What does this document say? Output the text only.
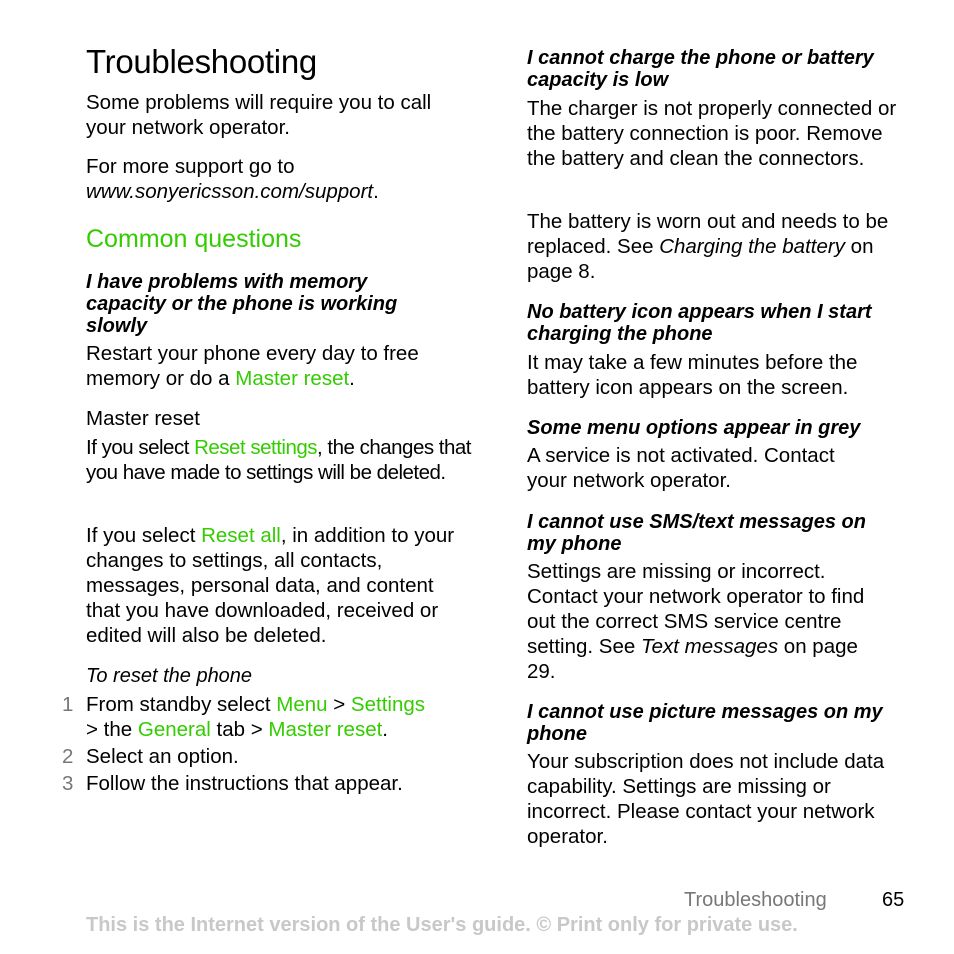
Troubleshooting

Some problems will require you to call your network operator.

For more support go to
www.sonyericsson.com/support.

Common questions

I have problems with memory capacity or the phone is working slowly

Restart your phone every day to free memory or do a Master reset.

Master reset

If you select Reset settings, the changes that you have made to settings will be deleted.

If you select Reset all, in addition to your changes to settings, all contacts, messages, personal data, and content that you have downloaded, received or edited will also be deleted.

To reset the phone

1 From standby select Menu > Settings
> the General tab > Master reset.
2 Select an option.
3 Follow the instructions that appear.

I cannot charge the phone or battery capacity is low

The charger is not properly connected or the battery connection is poor. Remove the battery and clean the connectors.

The battery is worn out and needs to be replaced. See Charging the battery on page 8.

No battery icon appears when I start charging the phone

It may take a few minutes before the battery icon appears on the screen.

Some menu options appear in grey

A service is not activated. Contact your network operator.

I cannot use SMS/text messages on my phone

Settings are missing or incorrect. Contact your network operator to find out the correct SMS service centre setting. See Text messages on page 29.

I cannot use picture messages on my phone

Your subscription does not include data capability. Settings are missing or incorrect. Please contact your network operator.

Troubleshooting	65
This is the Internet version of the User's guide. © Print only for private use.
